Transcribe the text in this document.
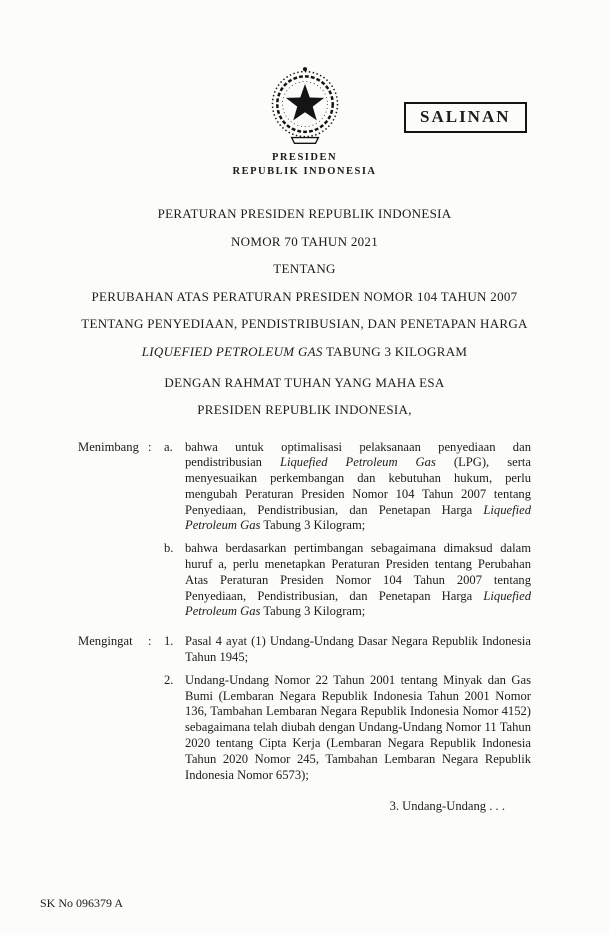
SALINAN
PRESIDEN
REPUBLIK INDONESIA
PERATURAN PRESIDEN REPUBLIK INDONESIA
NOMOR 70 TAHUN 2021
TENTANG
PERUBAHAN ATAS PERATURAN PRESIDEN NOMOR 104 TAHUN 2007
TENTANG PENYEDIAAN, PENDISTRIBUSIAN, DAN PENETAPAN HARGA
LIQUEFIED PETROLEUM GAS TABUNG 3 KILOGRAM
DENGAN RAHMAT TUHAN YANG MAHA ESA
PRESIDEN REPUBLIK INDONESIA,
Menimbang : a. bahwa untuk optimalisasi pelaksanaan penyediaan dan pendistribusian Liquefied Petroleum Gas (LPG), serta menyesuaikan perkembangan dan kebutuhan hukum, perlu mengubah Peraturan Presiden Nomor 104 Tahun 2007 tentang Penyediaan, Pendistribusian, dan Penetapan Harga Liquefied Petroleum Gas Tabung 3 Kilogram;
b. bahwa berdasarkan pertimbangan sebagaimana dimaksud dalam huruf a, perlu menetapkan Peraturan Presiden tentang Perubahan Atas Peraturan Presiden Nomor 104 Tahun 2007 tentang Penyediaan, Pendistribusian, dan Penetapan Harga Liquefied Petroleum Gas Tabung 3 Kilogram;
Mengingat	: 1. Pasal 4 ayat (1) Undang-Undang Dasar Negara Republik Indonesia Tahun 1945;
2. Undang-Undang Nomor 22 Tahun 2001 tentang Minyak dan Gas Bumi (Lembaran Negara Republik Indonesia Tahun 2001 Nomor 136, Tambahan Lembaran Negara Republik Indonesia Nomor 4152) sebagaimana telah diubah dengan Undang-Undang Nomor 11 Tahun 2020 tentang Cipta Kerja (Lembaran Negara Republik Indonesia Tahun 2020 Nomor 245, Tambahan Lembaran Negara Republik Indonesia Nomor 6573);
3. Undang-Undang . . .
SK No 096379 A
